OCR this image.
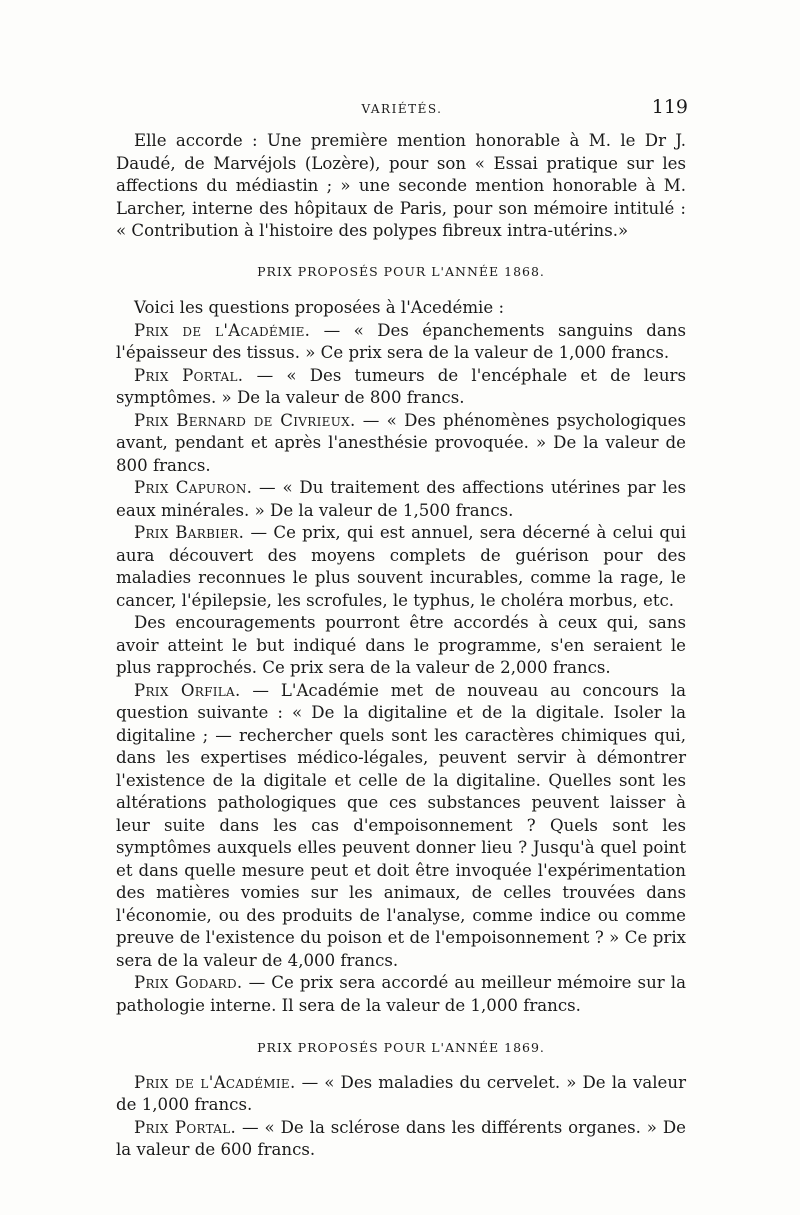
VARIÉTÉS.	119

Elle accorde : Une première mention honorable à M. le Dr J. Daudé, de Marvéjols (Lozère), pour son « Essai pratique sur les affections du médiastin ; » une seconde mention honorable à M. Larcher, interne des hôpitaux de Paris, pour son mémoire intitulé : « Contribution à l'histoire des polypes fibreux intra-utérins.»

PRIX PROPOSÉS POUR L'ANNÉE 1868.

Voici les questions proposées à l'Acedémie :

Prix de l'Académie. — « Des épanchements sanguins dans l'épaisseur des tissus. » Ce prix sera de la valeur de 1,000 francs.

Prix Portal. — « Des tumeurs de l'encéphale et de leurs symptômes. » De la valeur de 800 francs.

Prix Bernard de Civrieux. — « Des phénomènes psychologiques avant, pendant et après l'anesthésie provoquée. » De la valeur de 800 francs.

Prix Capuron. — « Du traitement des affections utérines par les eaux minérales. » De la valeur de 1,500 francs.

Prix Barbier. — Ce prix, qui est annuel, sera décerné à celui qui aura découvert des moyens complets de guérison pour des maladies reconnues le plus souvent incurables, comme la rage, le cancer, l'épilepsie, les scrofules, le typhus, le choléra morbus, etc.

Des encouragements pourront être accordés à ceux qui, sans avoir atteint le but indiqué dans le programme, s'en seraient le plus rapprochés. Ce prix sera de la valeur de 2,000 francs.

Prix Orfila. — L'Académie met de nouveau au concours la question suivante : « De la digitaline et de la digitale. Isoler la digitaline ; — rechercher quels sont les caractères chimiques qui, dans les expertises médico-légales, peuvent servir à démontrer l'existence de la digitale et celle de la digitaline. Quelles sont les altérations pathologiques que ces substances peuvent laisser à leur suite dans les cas d'empoisonnement ? Quels sont les symptômes auxquels elles peuvent donner lieu ? Jusqu'à quel point et dans quelle mesure peut et doit être invoquée l'expérimentation des matières vomies sur les animaux, de celles trouvées dans l'économie, ou des produits de l'analyse, comme indice ou comme preuve de l'existence du poison et de l'empoisonnement ? » Ce prix sera de la valeur de 4,000 francs.

Prix Godard. — Ce prix sera accordé au meilleur mémoire sur la pathologie interne. Il sera de la valeur de 1,000 francs.

PRIX PROPOSÉS POUR L'ANNÉE 1869.

Prix de l'Académie. — « Des maladies du cervelet. » De la valeur de 1,000 francs.

Prix Portal. — « De la sclérose dans les différents organes. » De la valeur de 600 francs.
